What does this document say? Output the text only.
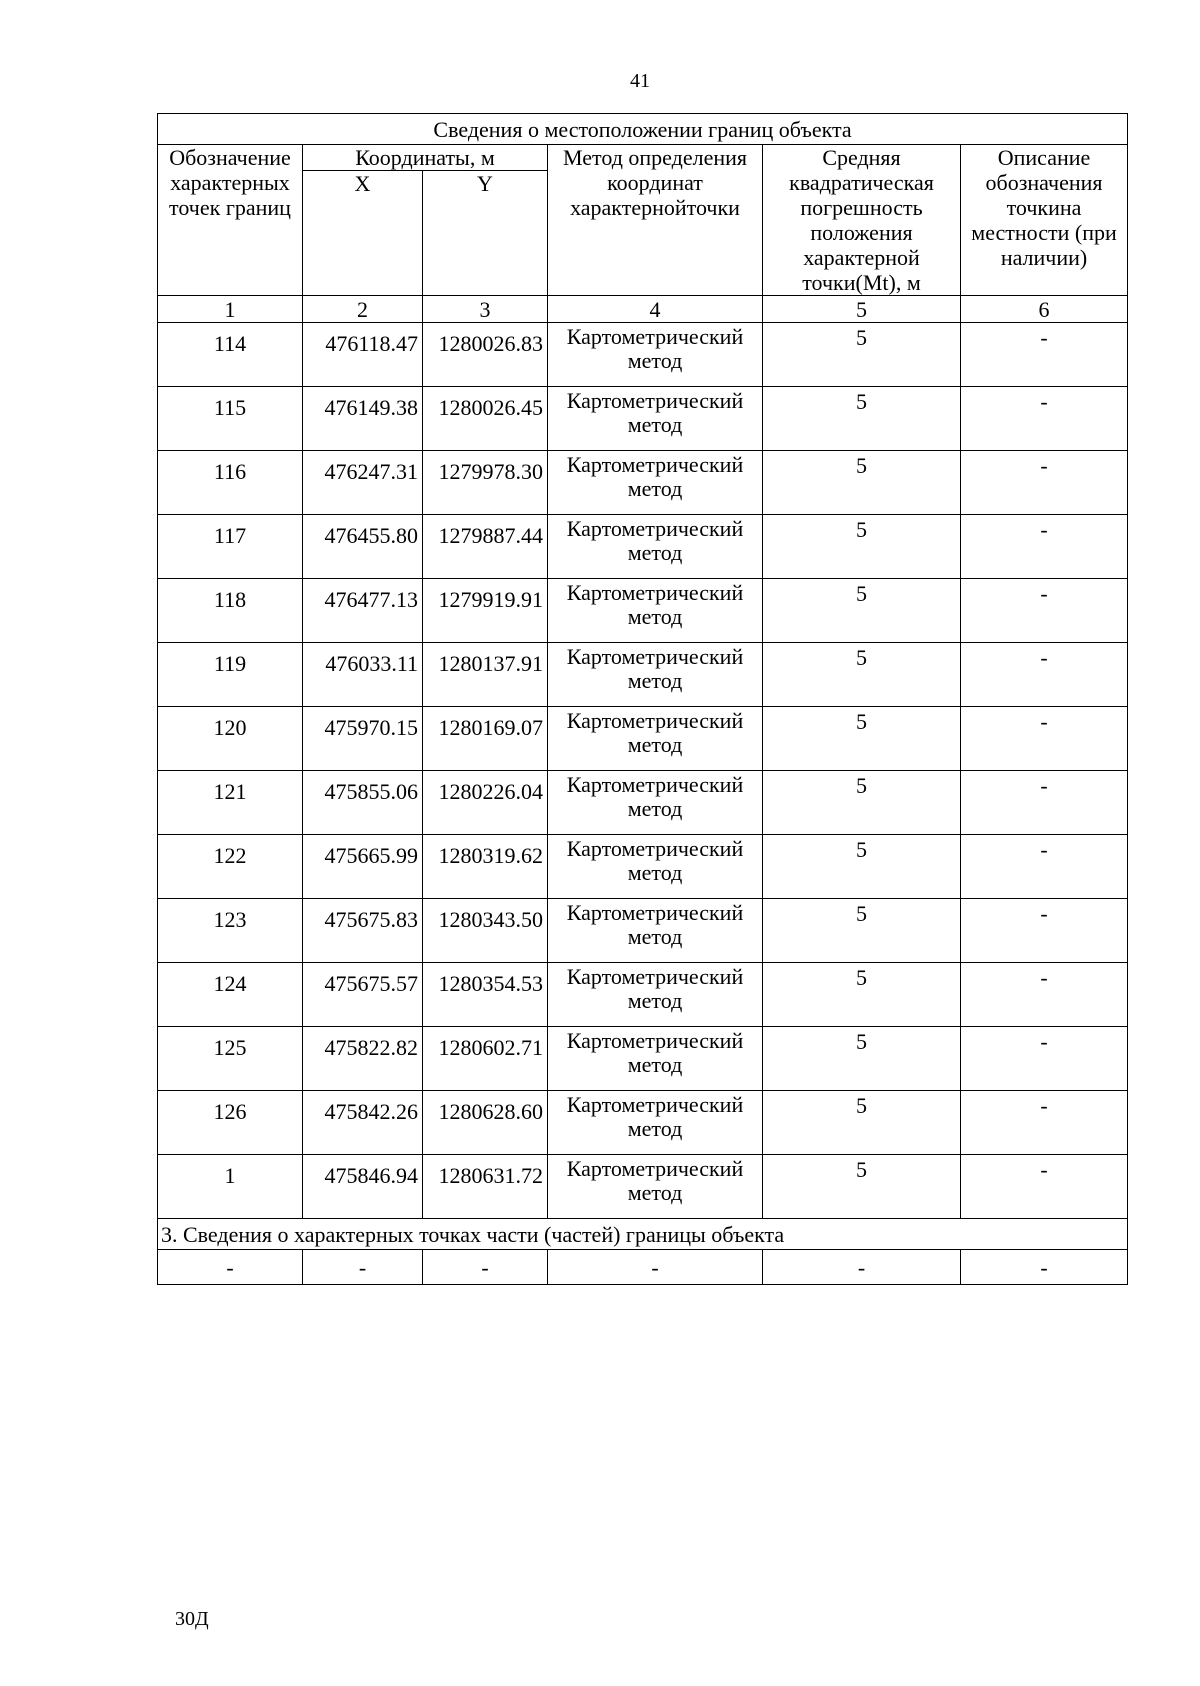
41
Сведения о местоположении границ объекта					
Обозначение характерных точек границ	Координаты, м		Метод определения координат характернойточки	Средняя квадратическая погрешность положения характерной точки(Mt), м	Описание обозначения точкина местности (при наличии)
	X	Y			
1	2	3	4	5	6
114	476118.47	1280026.83	Картометрический метод	5	-
115	476149.38	1280026.45	Картометрический метод	5	-
116	476247.31	1279978.30	Картометрический метод	5	-
117	476455.80	1279887.44	Картометрический метод	5	-
118	476477.13	1279919.91	Картометрический метод	5	-
119	476033.11	1280137.91	Картометрический метод	5	-
120	475970.15	1280169.07	Картометрический метод	5	-
121	475855.06	1280226.04	Картометрический метод	5	-
122	475665.99	1280319.62	Картометрический метод	5	-
123	475675.83	1280343.50	Картометрический метод	5	-
124	475675.57	1280354.53	Картометрический метод	5	-
125	475822.82	1280602.71	Картометрический метод	5	-
126	475842.26	1280628.60	Картометрический метод	5	-
1	475846.94	1280631.72	Картометрический метод	5	-
3. Сведения о характерных точках части (частей) границы объекта					
-	-	-	-	-	-
30Д
